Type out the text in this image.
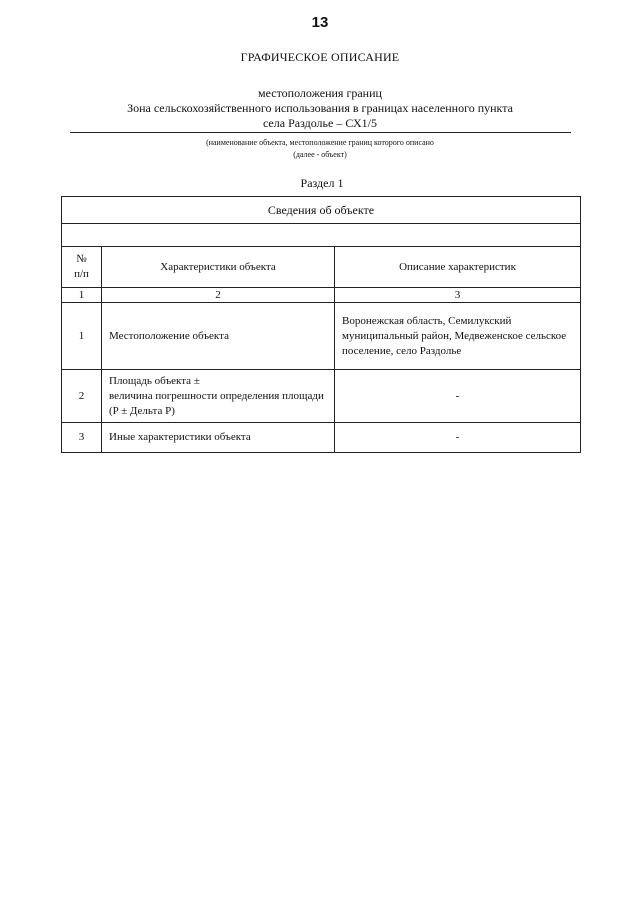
13
ГРАФИЧЕСКОЕ ОПИСАНИЕ
местоположения границ
Зона сельскохозяйственного использования в границах населенного пункта
села Раздолье – СХ1/5
(наименование объекта, местоположение границ которого описано
(далее - объект)
Раздел 1
Сведения об объекте		

№
п/п	Характеристики объекта	Описание характеристик
1	2	3
1	Местоположение объекта	Воронежская область, Семилукский муниципальный район, Медвеженское сельское поселение, село Раздолье
2	Площадь объекта ±
величина погрешности определения площади (P ± Дельта P)	-
3	Иные характеристики объекта	-
